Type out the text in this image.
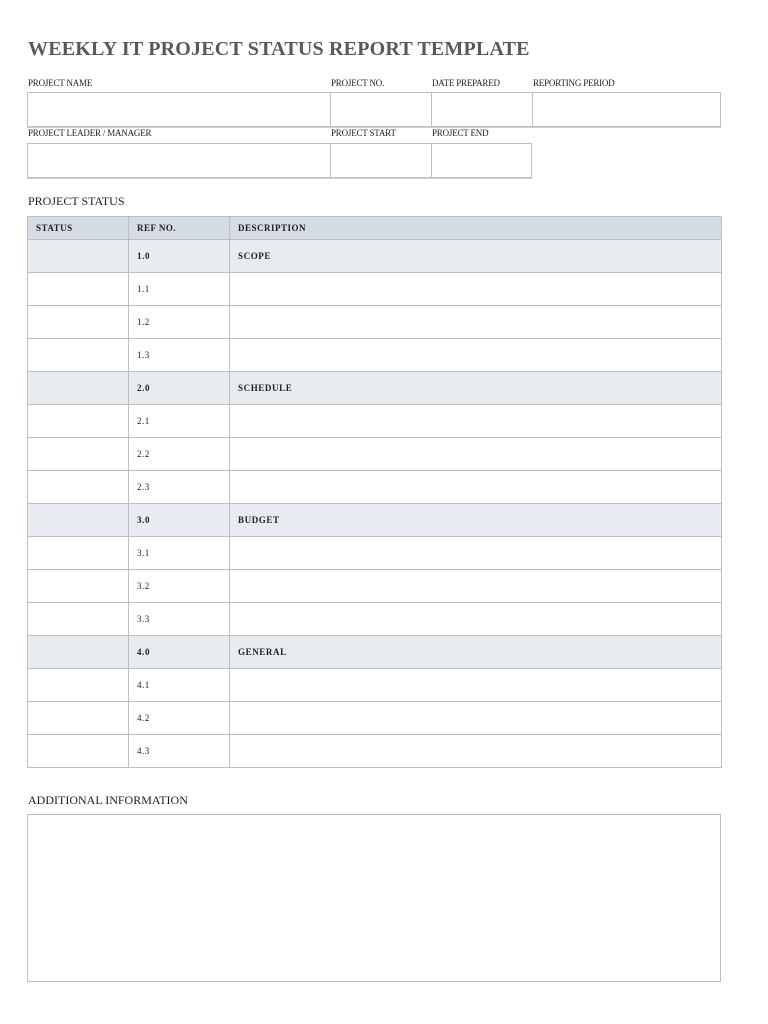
WEEKLY IT PROJECT STATUS REPORT TEMPLATE
PROJECT NAME	PROJECT NO.	DATE PREPARED	REPORTING PERIOD
PROJECT LEADER / MANAGER	PROJECT START	PROJECT END
PROJECT STATUS
STATUS	REF NO.	DESCRIPTION
	1.0	SCOPE
	1.1	
	1.2	
	1.3	
	2.0	SCHEDULE
	2.1	
	2.2	
	2.3	
	3.0	BUDGET
	3.1	
	3.2	
	3.3	
	4.0	GENERAL
	4.1	
	4.2	
	4.3	
ADDITIONAL INFORMATION
